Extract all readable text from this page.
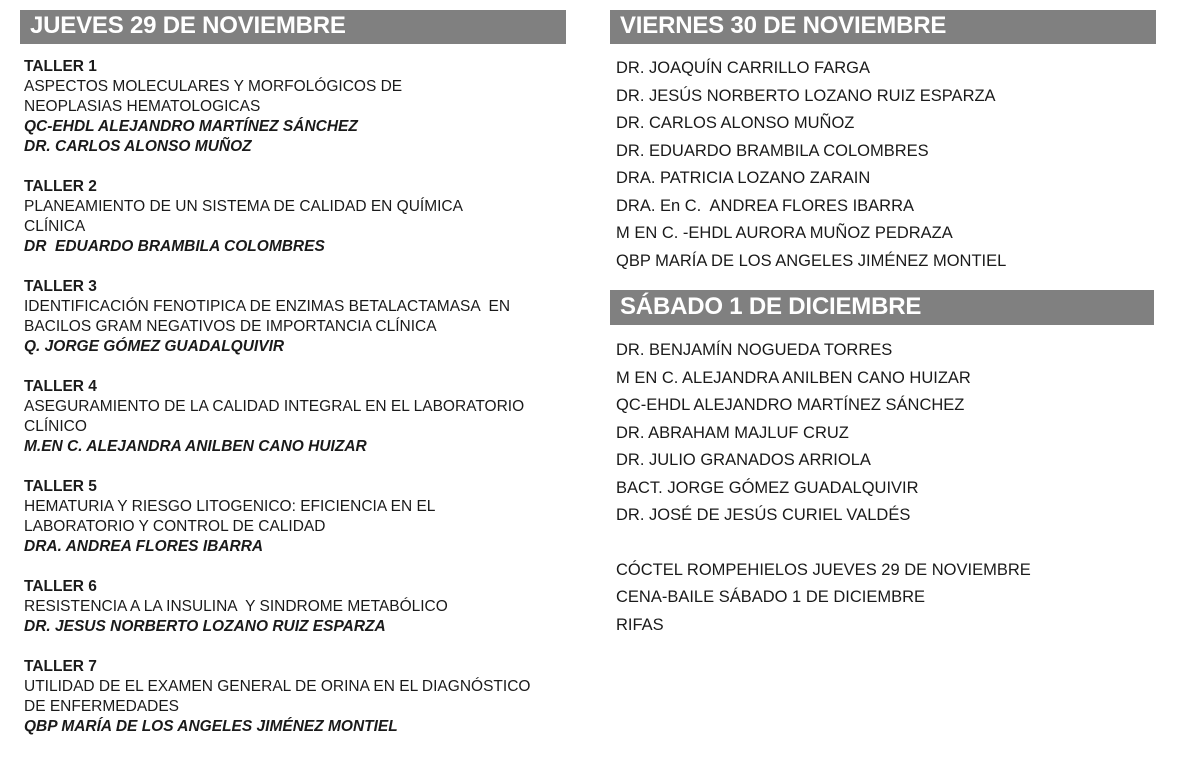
JUEVES 29 DE NOVIEMBRE
TALLER 1
ASPECTOS MOLECULARES Y MORFOLÓGICOS DE
NEOPLASIAS HEMATOLOGICAS
QC-EHDL ALEJANDRO MARTÍNEZ SÁNCHEZ
DR. CARLOS ALONSO MUÑOZ
TALLER 2
PLANEAMIENTO DE UN SISTEMA DE CALIDAD EN QUÍMICA
CLÍNICA
DR  EDUARDO BRAMBILA COLOMBRES
TALLER 3
IDENTIFICACIÓN FENOTIPICA DE ENZIMAS BETALACTAMASA  EN
BACILOS GRAM NEGATIVOS DE IMPORTANCIA CLÍNICA
Q. JORGE GÓMEZ GUADALQUIVIR
TALLER 4
ASEGURAMIENTO DE LA CALIDAD INTEGRAL EN EL LABORATORIO
CLÍNICO
M.EN C. ALEJANDRA ANILBEN CANO HUIZAR
TALLER 5
HEMATURIA Y RIESGO LITOGENICO: EFICIENCIA EN EL
LABORATORIO Y CONTROL DE CALIDAD
DRA. ANDREA FLORES IBARRA
TALLER 6
RESISTENCIA A LA INSULINA  Y SINDROME METABÓLICO
DR. JESUS NORBERTO LOZANO RUIZ ESPARZA
TALLER 7
UTILIDAD DE EL EXAMEN GENERAL DE ORINA EN EL DIAGNÓSTICO
DE ENFERMEDADES
QBP MARÍA DE LOS ANGELES JIMÉNEZ MONTIEL
VIERNES 30 DE NOVIEMBRE
DR. JOAQUÍN CARRILLO FARGA
DR. JESÚS NORBERTO LOZANO RUIZ ESPARZA
DR. CARLOS ALONSO MUÑOZ
DR. EDUARDO BRAMBILA COLOMBRES
DRA. PATRICIA LOZANO ZARAIN
DRA. En C.  ANDREA FLORES IBARRA
M EN C. -EHDL AURORA MUÑOZ PEDRAZA
QBP MARÍA DE LOS ANGELES JIMÉNEZ MONTIEL
SÁBADO 1 DE DICIEMBRE
DR. BENJAMÍN NOGUEDA TORRES
M EN C. ALEJANDRA ANILBEN CANO HUIZAR
QC-EHDL ALEJANDRO MARTÍNEZ SÁNCHEZ
DR. ABRAHAM MAJLUF CRUZ
DR. JULIO GRANADOS ARRIOLA
BACT. JORGE GÓMEZ GUADALQUIVIR
DR. JOSÉ DE JESÚS CURIEL VALDÉS
CÓCTEL ROMPEHIELOS JUEVES 29 DE NOVIEMBRE
CENA-BAILE SÁBADO 1 DE DICIEMBRE
RIFAS
